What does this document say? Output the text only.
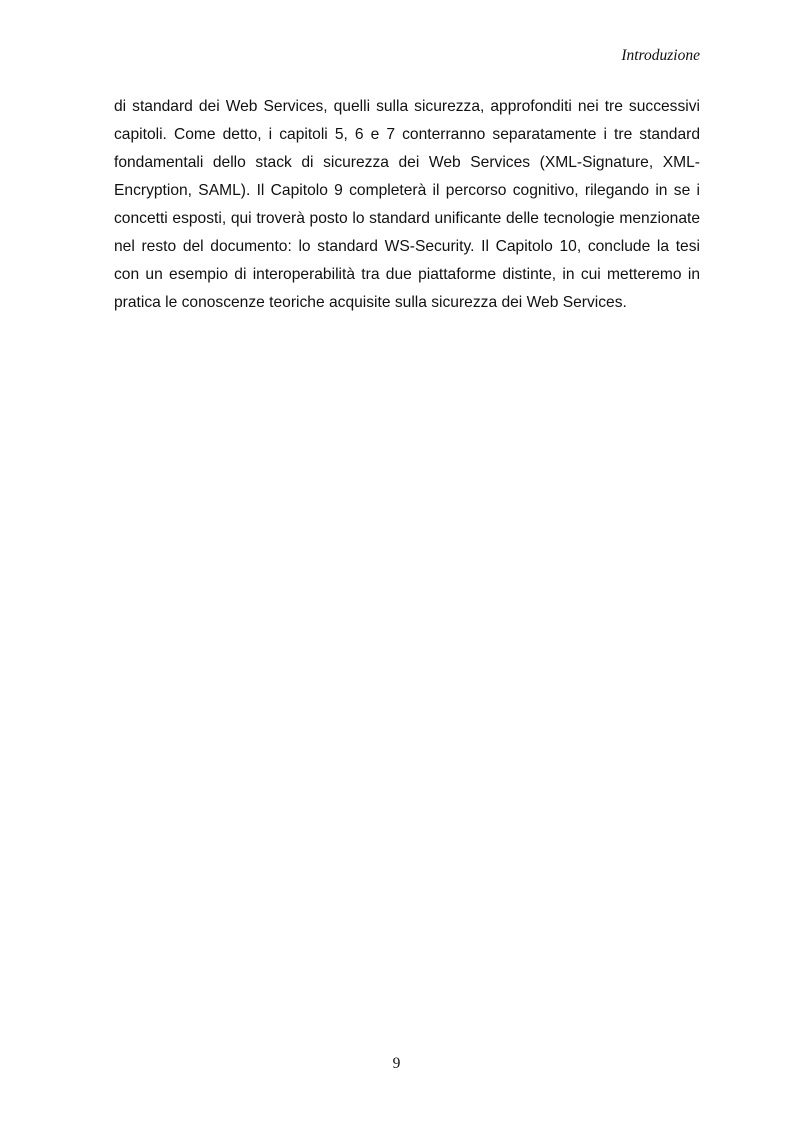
Introduzione

di standard dei Web Services, quelli sulla sicurezza, approfonditi nei tre successivi capitoli. Come detto, i capitoli 5, 6 e 7 conterranno separatamente i tre standard fondamentali dello stack di sicurezza dei Web Services (XML-Signature, XML-Encryption, SAML). Il Capitolo 9 completerà il percorso cognitivo, rilegando in se i concetti esposti, qui troverà posto lo standard unificante delle tecnologie menzionate nel resto del documento: lo standard WS-Security. Il Capitolo 10, conclude la tesi con un esempio di interoperabilità tra due piattaforme distinte, in cui metteremo in pratica le conoscenze teoriche acquisite sulla sicurezza dei Web Services.

9
